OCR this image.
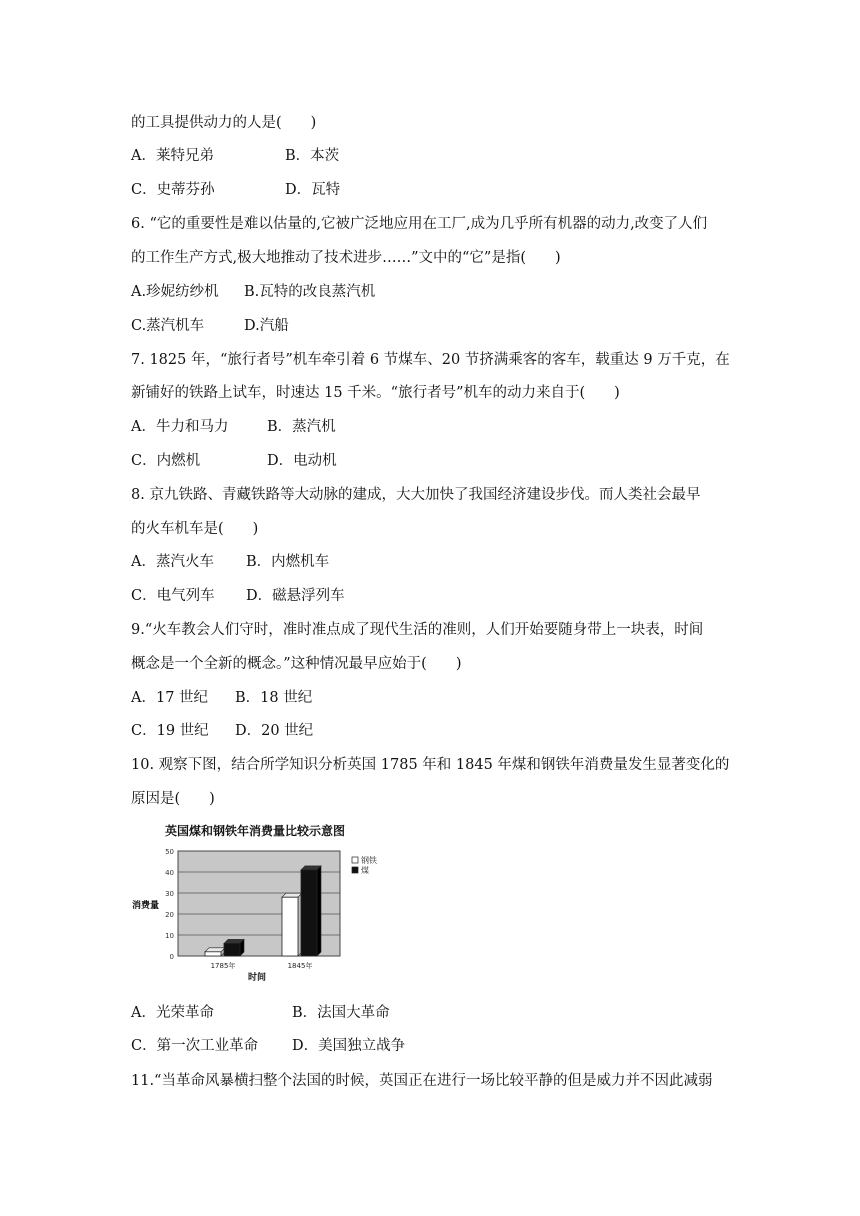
的工具提供动力的人是(　　)
A．莱特兄弟	B．本茨
C．史蒂芬孙	D．瓦特
6. “它的重要性是难以估量的,它被广泛地应用在工厂,成为几乎所有机器的动力,改变了人们
的工作生产方式,极大地推动了技术进步……”文中的“它”是指(　　)
A.珍妮纺纱机 B.瓦特的改良蒸汽机
C.蒸汽机车	D.汽船
7. 1825 年，“旅行者号”机车牵引着 6 节煤车、20 节挤满乘客的客车，载重达 9 万千克，在
新铺好的铁路上试车，时速达 15 千米。“旅行者号”机车的动力来自于(　　)
A．牛力和马力	B．蒸汽机
C．内燃机	D．电动机
8. 京九铁路、青藏铁路等大动脉的建成，大大加快了我国经济建设步伐。而人类社会最早
的火车机车是(　　)
A．蒸汽火车 B．内燃机车
C．电气列车 D．磁悬浮列车
9.“火车教会人们守时，准时准点成了现代生活的准则，人们开始要随身带上一块表，时间
概念是一个全新的概念。”这种情况最早应始于(　　)
A．17 世纪 B．18 世纪
C．19 世纪 D．20 世纪
10. 观察下图，结合所学知识分析英国 1785 年和 1845 年煤和钢铁年消费量发生显著变化的
原因是(　　)
英国煤和钢铁年消费量比较示意图
0
10
20
30
40
50
1785年	1845年
消费量
时间
钢铁
煤
A．光荣革命	B．法国大革命
C．第一次工业革命 D．美国独立战争
11.“当革命风暴横扫整个法国的时候，英国正在进行一场比较平静的但是威力并不因此减弱
